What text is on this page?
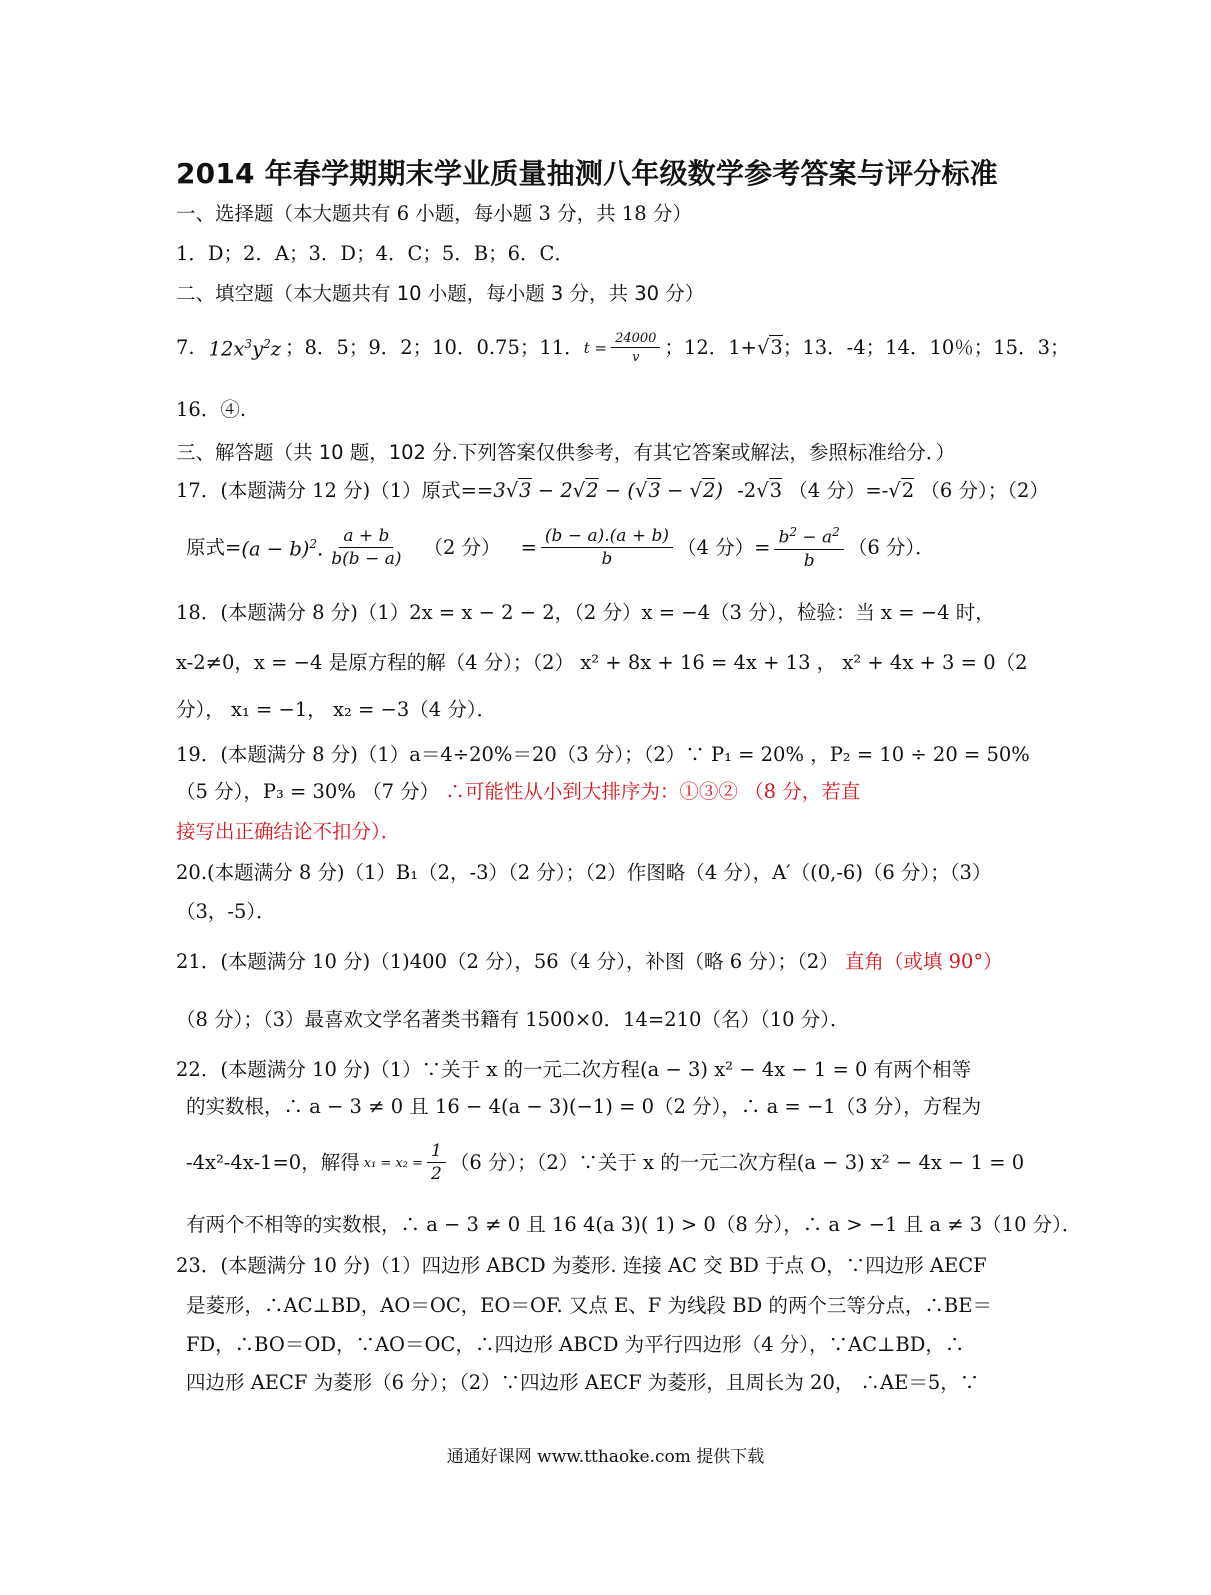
2014 年春学期期末学业质量抽测八年级数学参考答案与评分标准
一、选择题（本大题共有 6 小题，每小题 3 分，共 18 分）
1．D；2．A；3．D；4．C；5．B；6．C．
二、填空题（本大题共有 10 小题，每小题 3 分，共 30 分）
7. $12x^3y^2z$ ；8．5；9．2；10．0.75；11． $t = \frac{24000}{v}$ ；12．1+ √3 ；13．-4；14．10％；15．3；
16．④.
三、解答题（共 10 题，102 分.下列答案仅供参考，有其它答案或解法，参照标准给分．）
17．(本题满分 12 分)（1）原式==3√3 − 2√2 − (√3 − √2) -2√3 （4 分）=-√2 （6 分）；（2）
原式= $(a - b)^2$. $\frac{a + b}{b(b - a)} (2$ 分） = $\frac{(b - a).(a + b)}{b} (4$ 分）= $\frac{b^2 - a^2}{b} (6$ 分）．
18．(本题满分 8 分)（1）2x = x − 2 − 2，（2 分）x = −4（3 分），检验：当 x = −4 时，
x-2≠0，x = −4 是原方程的解（4 分）；（2） x² + 8x + 16 = 4x + 13 ， x² + 4x + 3 = 0（2
分）， x₁ = −1， x₂ = −3（4 分）．
19．(本题满分 8 分)（1）a＝4÷20%＝20（3 分）；（2）∵ P₁ = 20% ，P₂ = 10 ÷ 20 = 50%
（5 分），P₃ = 30% （7 分） ∴可能性从小到大排序为：①③② （8 分，若直
接写出正确结论不扣分）．
20.(本题满分 8 分)（1）B₁（2，-3）（2 分）；（2）作图略（4 分），A′（(0,-6)（6 分）；（3）
（3，-5）．
21．(本题满分 10 分)（1)400（2 分），56（4 分），补图（略 6 分）；（2） 直角（或填 90°）
（8 分）；（3）最喜欢文学名著类书籍有 1500×0．14=210（名）（10 分）．
22．(本题满分 10 分)（1）∵关于 x 的一元二次方程(a − 3) x² − 4x − 1 = 0 有两个相等
的实数根，∴ a − 3 ≠ 0 且 16 − 4(a − 3)(−1) = 0（2 分），∴ a = −1（3 分），方程为
-4x²-4x-1=0，解得 $x_1 = x_2 = \frac{1}{2} (6$ 分）；（2）∵关于 x 的一元二次方程(a − 3) x² − 4x − 1 = 0
有两个不相等的实数根，∴ a − 3 ≠ 0 且 16 4(a 3)( 1) > 0（8 分），∴ a > −1 且 a ≠ 3（10 分）．
23．(本题满分 10 分)（1）四边形 ABCD 为菱形. 连接 AC 交 BD 于点 O，∵四边形 AECF
是菱形，∴AC⊥BD，AO＝OC，EO＝OF. 又点 E、F 为线段 BD 的两个三等分点，∴BE＝
FD，∴BO＝OD，∵AO＝OC，∴四边形 ABCD 为平行四边形（4 分），∵AC⊥BD，∴
四边形 AECF 为菱形（6 分）；（2）∵四边形 AECF 为菱形，且周长为 20， ∴AE＝5，∵
通通好课网 www.tthaoke.com 提供下载
